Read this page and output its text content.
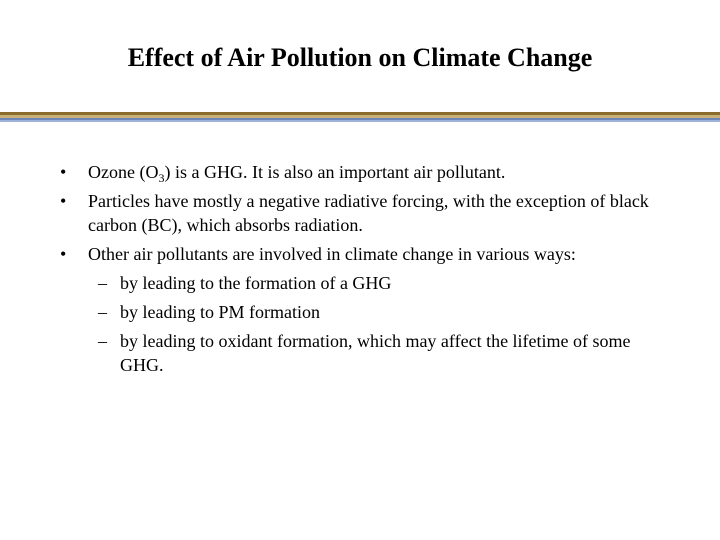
Effect of Air Pollution on Climate Change
• Ozone $(O_3)$ is a GHG. It is also an important air pollutant.
• Particles have mostly a negative radiative forcing, with the exception of black carbon (BC), which absorbs radiation.
• Other air pollutants are involved in climate change in various ways:
– by leading to the formation of a GHG
– by leading to PM formation
– by leading to oxidant formation, which may affect the lifetime of some GHG.
